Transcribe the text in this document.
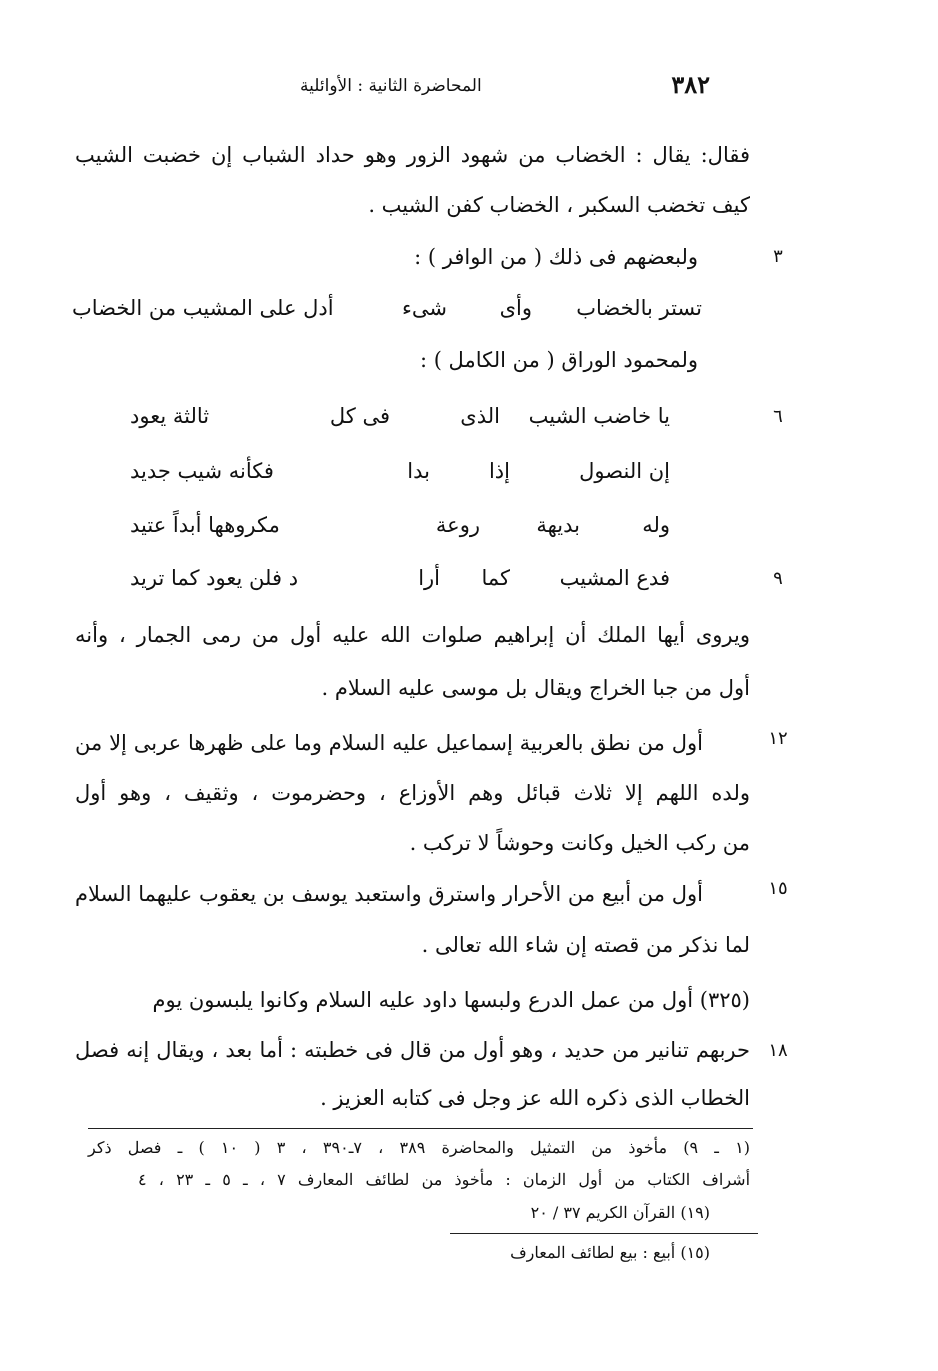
٣٨٢
المحاضرة الثانية : الأوائلية
٣
٦
٩
١٢
١٥
١٨
فقال: يقال : الخضاب من شهود الزور وهو حداد الشباب إن خضبت الشيب
كيف تخضب السكبر ، الخضاب كفن الشيب .
ولبعضهم فى ذلك ( من الوافر ) :
تستر بالخضاب
وأى
شىء
أدل على المشيب من الخضاب
ولمحمود الوراق ( من الكامل ) :
يا خاضب الشيب
الذى
فى كل
ثالثة يعود
إن النصول
إذا
بدا
فكأنه شيب جديد
وله
بديهة
روعة
مكروهها أبداً عتيد
فدع المشيب
كما
أرا
د فلن يعود كما تريد
ويروى أيها الملك أن إبراهيم صلوات الله عليه أول من رمى الجمار ، وأنه
أول من جبا الخراج ويقال بل موسى عليه السلام .
أول من نطق بالعربية إسماعيل عليه السلام وما على ظهرها عربى إلا من
ولده اللهم إلا ثلاث قبائل وهم الأوزاع ، وحضرموت ، وثقيف ، وهو أول
من ركب الخيل وكانت وحوشاً لا تركب .
أول من أبيع من الأحرار واسترق واستعبد يوسف بن يعقوب عليهما السلام
لما نذكر من قصته إن شاء الله تعالى .
(٣٢٥) أول من عمل الدرع ولبسها داود عليه السلام وكانوا يلبسون يوم
حربهم تنانير من حديد ، وهو أول من قال فى خطبته : أما بعد ، ويقال إنه فصل
الخطاب الذى ذكره الله عز وجل فى كتابه العزيز .
(١ ـ ٩) مأخوذ من التمثيل والمحاضرة ٣٨٩ ، ٧ـ٣٩٠ ، ٣ ( ١٠ ) ـ فصل ذكر
أشراف الكتاب من أول الزمان : مأخوذ من لطائف المعارف ٧ ، ـ ٥ ـ ٢٣ ، ٤
(١٩) القرآن الكريم ٣٧ / ٢٠
(١٥) أبيع : بيع لطائف المعارف
